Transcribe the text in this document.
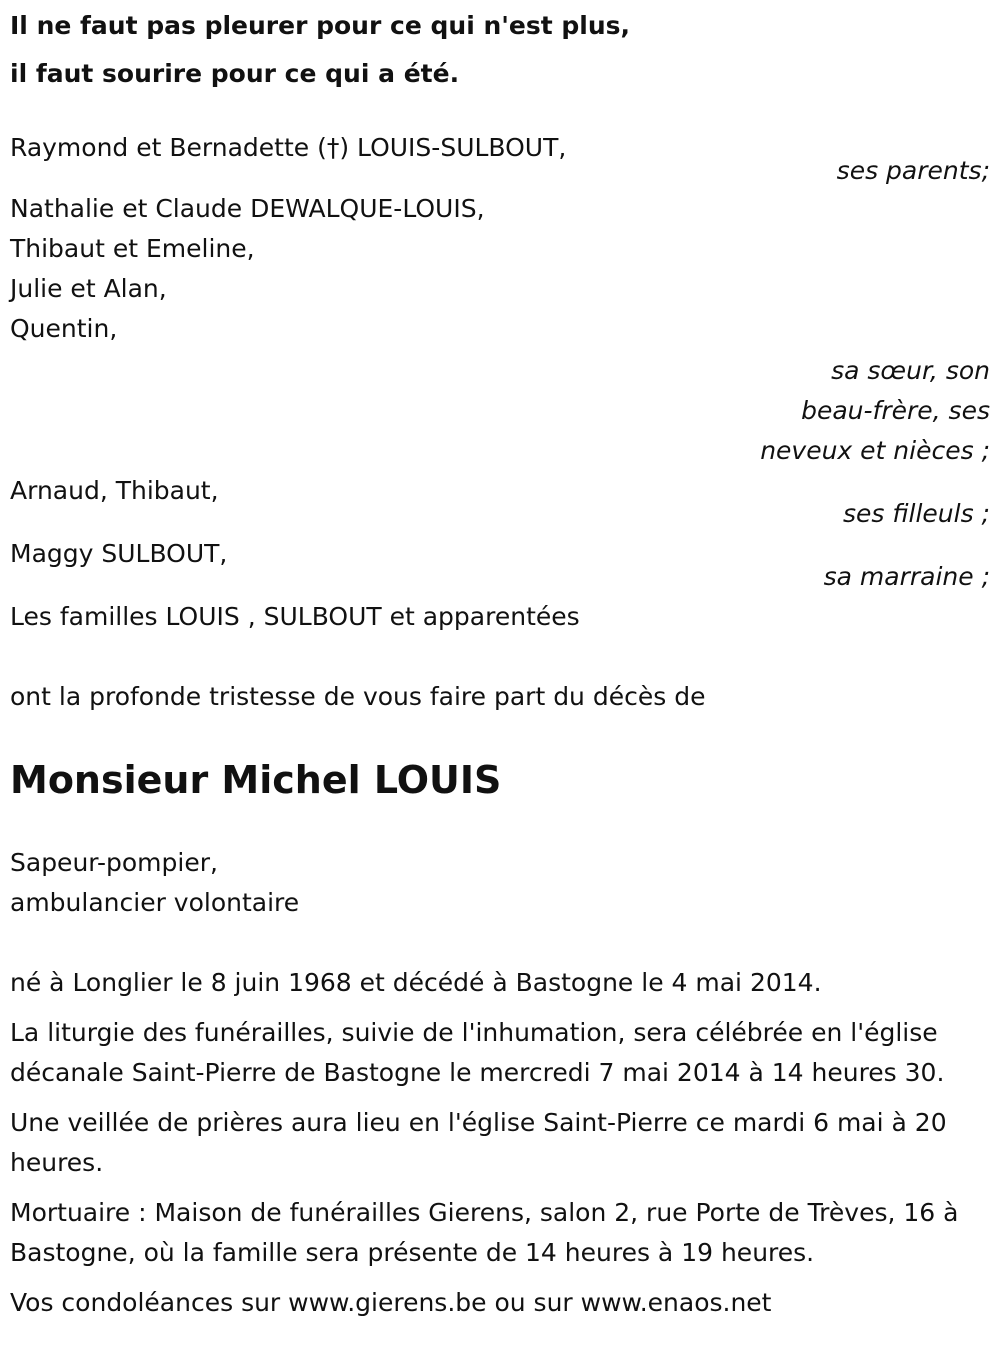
Il ne faut pas pleurer pour ce qui n'est plus,
il faut sourire pour ce qui a été.
Raymond et Bernadette (†) LOUIS-SULBOUT,
ses parents;
Nathalie et Claude DEWALQUE-LOUIS,
Thibaut et Emeline,
Julie et Alan,
Quentin,
sa sœur, son
beau-frère, ses
neveux et nièces ;
Arnaud, Thibaut,
ses filleuls ;
Maggy SULBOUT,
sa marraine ;
Les familles LOUIS , SULBOUT et apparentées
ont la profonde tristesse de vous faire part du décès de
Monsieur Michel LOUIS
Sapeur-pompier,
ambulancier volontaire
né à Longlier le 8 juin 1968 et décédé à Bastogne le 4 mai 2014.
La liturgie des funérailles, suivie de l'inhumation, sera célébrée en l'église décanale Saint-Pierre de Bastogne le mercredi 7 mai 2014 à 14 heures 30.
Une veillée de prières aura lieu en l'église Saint-Pierre ce mardi 6 mai à 20 heures.
Mortuaire : Maison de funérailles Gierens, salon 2, rue Porte de Trèves, 16 à Bastogne, où la famille sera présente de 14 heures à 19 heures.
Vos condoléances sur www.gierens.be ou sur www.enaos.net
